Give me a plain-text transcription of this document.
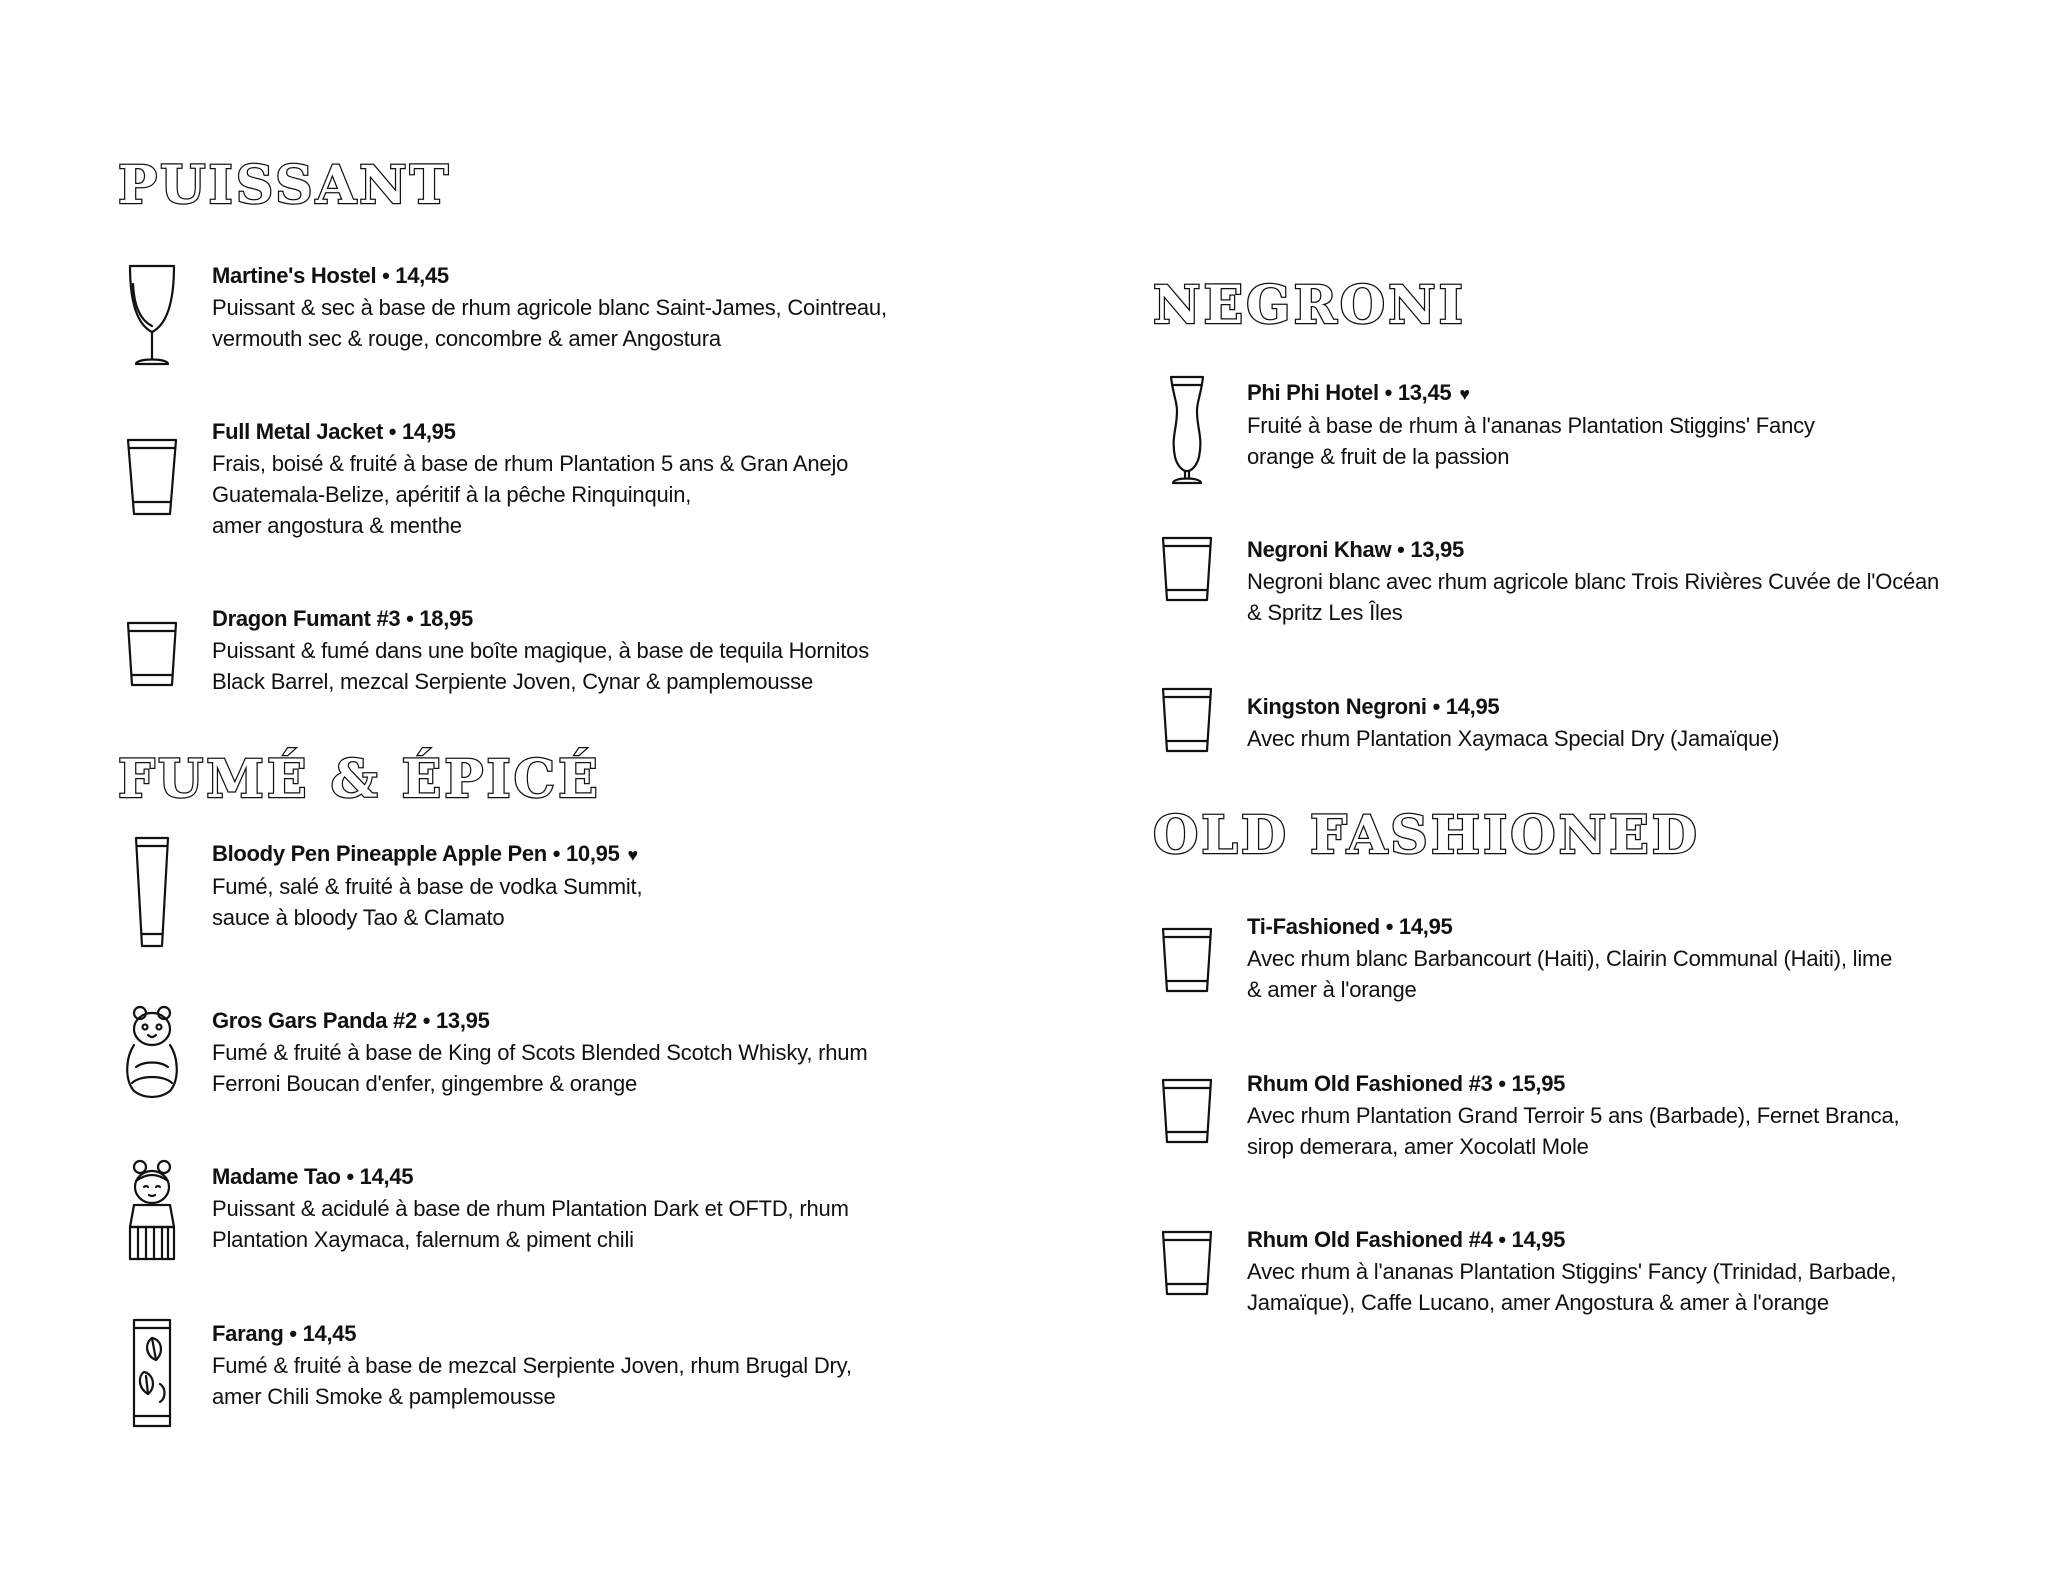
PUISSANT
Martine's Hostel • 14,45
Puissant & sec à base de rhum agricole blanc Saint-James, Cointreau,
vermouth sec & rouge, concombre & amer Angostura
Full Metal Jacket • 14,95
Frais, boisé & fruité à base de rhum Plantation 5 ans & Gran Anejo
Guatemala-Belize, apéritif à la pêche Rinquinquin,
amer angostura & menthe
Dragon Fumant #3 • 18,95
Puissant & fumé dans une boîte magique, à base de tequila Hornitos
Black Barrel, mezcal Serpiente Joven, Cynar & pamplemousse
FUMÉ & ÉPICÉ
Bloody Pen Pineapple Apple Pen • 10,95 ♥
Fumé, salé & fruité à base de vodka Summit,
sauce à bloody Tao & Clamato
Gros Gars Panda #2 • 13,95
Fumé & fruité à base de King of Scots Blended Scotch Whisky, rhum
Ferroni Boucan d'enfer, gingembre & orange
Madame Tao • 14,45
Puissant & acidulé à base de rhum Plantation Dark et OFTD, rhum
Plantation Xaymaca, falernum & piment chili
Farang • 14,45
Fumé & fruité à base de mezcal Serpiente Joven, rhum Brugal Dry,
amer Chili Smoke & pamplemousse
NEGRONI
Phi Phi Hotel • 13,45 ♥
Fruité à base de rhum à l'ananas Plantation Stiggins' Fancy
orange & fruit de la passion
Negroni Khaw • 13,95
Negroni blanc avec rhum agricole blanc Trois Rivières Cuvée de l'Océan
& Spritz Les Îles
Kingston Negroni • 14,95
Avec rhum Plantation Xaymaca Special Dry (Jamaïque)
OLD FASHIONED
Ti-Fashioned • 14,95
Avec rhum blanc Barbancourt (Haiti), Clairin Communal (Haiti), lime
& amer à l'orange
Rhum Old Fashioned #3 • 15,95
Avec rhum Plantation Grand Terroir 5 ans (Barbade), Fernet Branca,
sirop demerara, amer Xocolatl Mole
Rhum Old Fashioned #4 • 14,95
Avec rhum à l'ananas Plantation Stiggins' Fancy (Trinidad, Barbade,
Jamaïque), Caffe Lucano, amer Angostura & amer à l'orange
